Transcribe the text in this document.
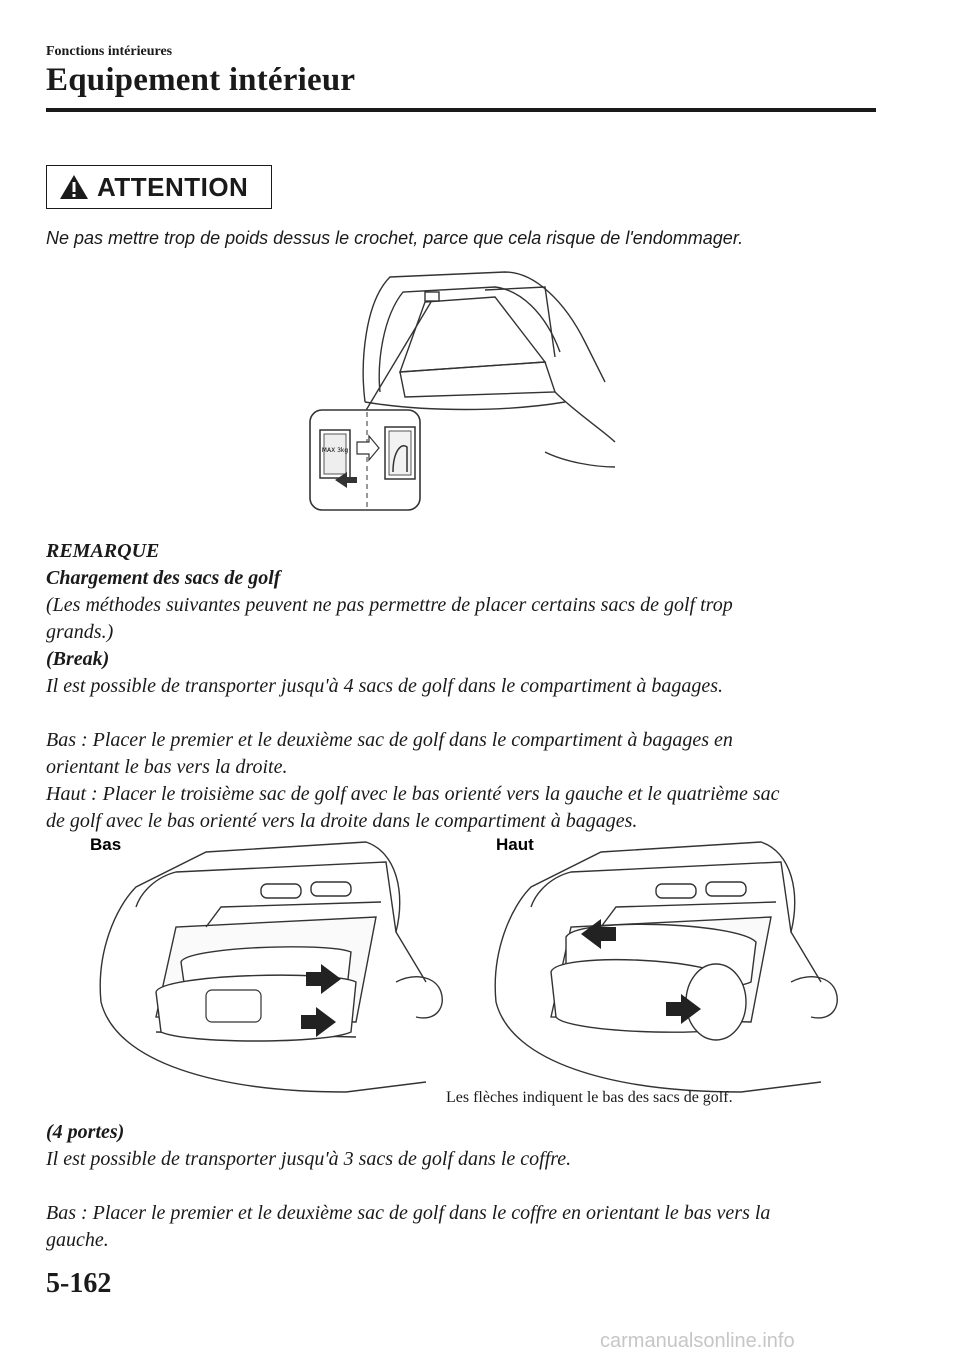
Fonctions intérieures
Equipement intérieur
ATTENTION
Ne pas mettre trop de poids dessus le crochet, parce que cela risque de l'endommager.
MAX 3kg
REMARQUE
Chargement des sacs de golf
(Les méthodes suivantes peuvent ne pas permettre de placer certains sacs de golf trop
grands.)
(Break)
Il est possible de transporter jusqu'à 4 sacs de golf dans le compartiment à bagages.
Bas : Placer le premier et le deuxième sac de golf dans le compartiment à bagages en
orientant le bas vers la droite.
Haut : Placer le troisième sac de golf avec le bas orienté vers la gauche et le quatrième sac
de golf avec le bas orienté vers la droite dans le compartiment à bagages.
Bas	Haut
Les flèches indiquent le bas des sacs de golf.
(4 portes)
Il est possible de transporter jusqu'à 3 sacs de golf dans le coffre.
Bas : Placer le premier et le deuxième sac de golf dans le coffre en orientant le bas vers la
gauche.
5-162
carmanualsonline.info
